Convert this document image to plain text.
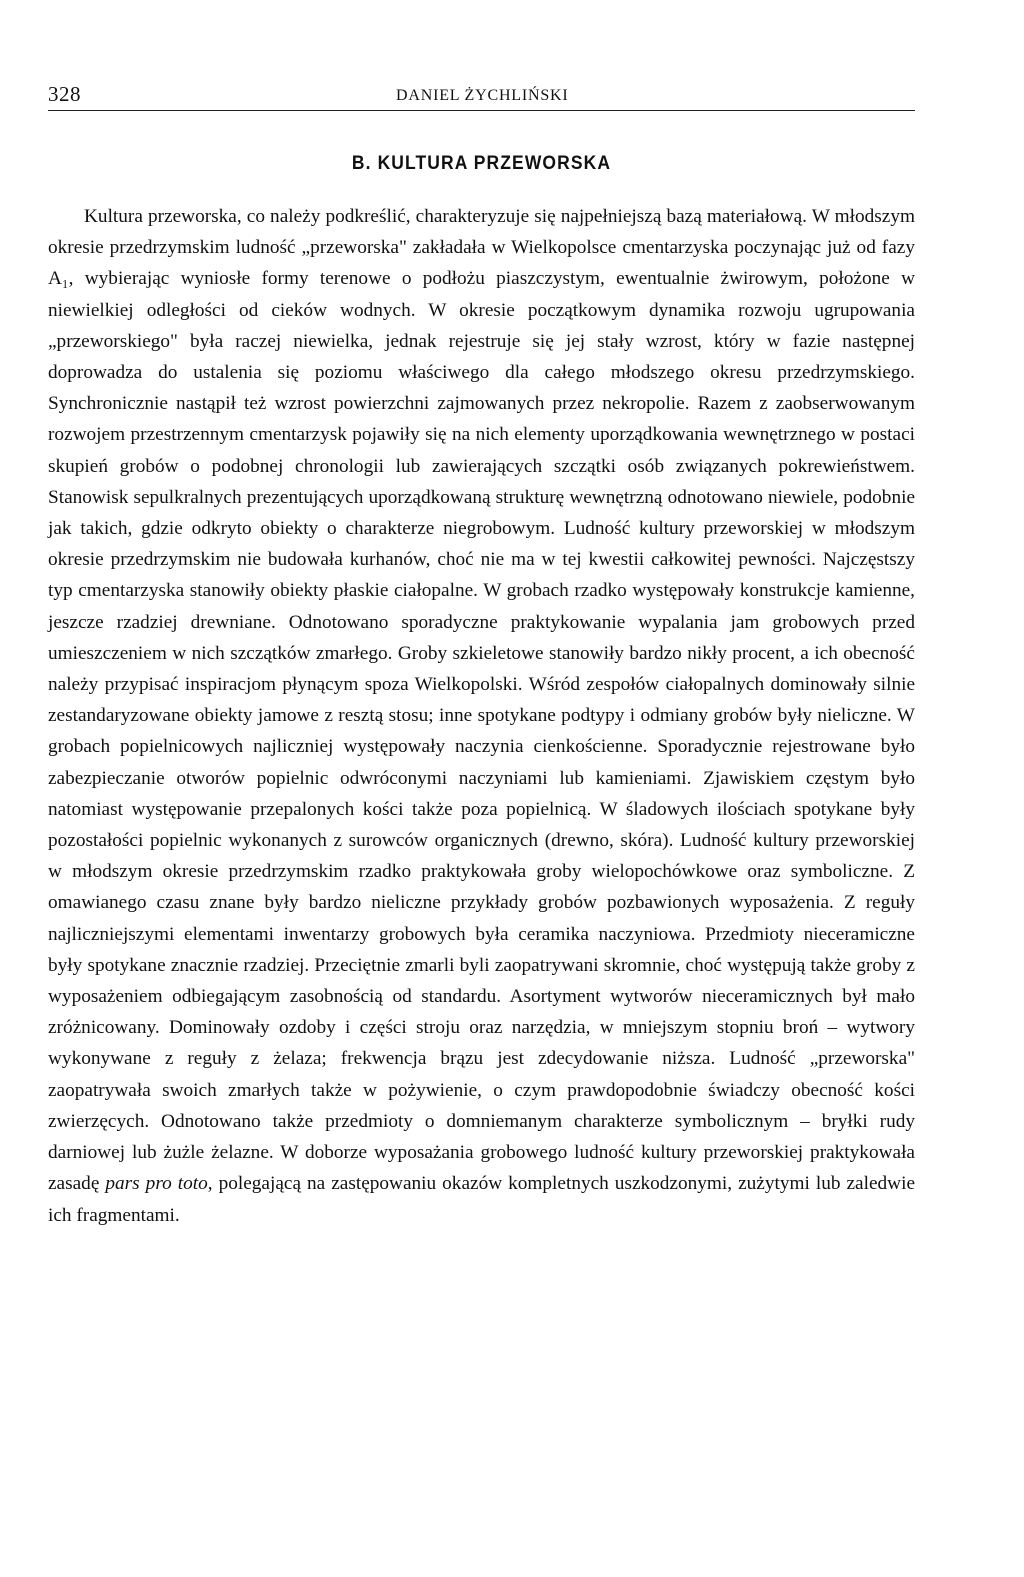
328	DANIEL ŻYCHLIŃSKI
B. KULTURA PRZEWORSKA

Kultura przeworska, co należy podkreślić, charakteryzuje się najpełniejszą bazą materiałową. W młodszym okresie przedrzymskim ludność „przeworska" zakładała w Wielkopolsce cmentarzyska poczynając już od fazy A₁, wybierając wyniosłe formy terenowe o podłożu piaszczystym, ewentualnie żwirowym, położone w niewielkiej odległości od cieków wodnych. W okresie początkowym dynamika rozwoju ugrupowania „przeworskiego" była raczej niewielka, jednak rejestruje się jej stały wzrost, który w fazie następnej doprowadza do ustalenia się poziomu właściwego dla całego młodszego okresu przedrzymskiego. Synchronicznie nastąpił też wzrost powierzchni zajmowanych przez nekropolie. Razem z zaobserwowanym rozwojem przestrzennym cmentarzysk pojawiły się na nich elementy uporządkowania wewnętrznego w postaci skupień grobów o podobnej chronologii lub zawierających szczątki osób związanych pokrewieństwem. Stanowisk sepulkralnych prezentujących uporządkowaną strukturę wewnętrzną odnotowano niewiele, podobnie jak takich, gdzie odkryto obiekty o charakterze niegrobowym. Ludność kultury przeworskiej w młodszym okresie przedrzymskim nie budowała kurhanów, choć nie ma w tej kwestii całkowitej pewności. Najczęstszy typ cmentarzyska stanowiły obiekty płaskie ciałopalne. W grobach rzadko występowały konstrukcje kamienne, jeszcze rzadziej drewniane. Odnotowano sporadyczne praktykowanie wypalania jam grobowych przed umieszczeniem w nich szczątków zmarłego. Groby szkieletowe stanowiły bardzo nikły procent, a ich obecność należy przypisać inspiracjom płynącym spoza Wielkopolski. Wśród zespołów ciałopalnych dominowały silnie zestandaryzowane obiekty jamowe z resztą stosu; inne spotykane podtypy i odmiany grobów były nieliczne. W grobach popielnicowych najliczniej występowały naczynia cienkościenne. Sporadycznie rejestrowane było zabezpieczanie otworów popielnic odwróconymi naczyniami lub kamieniami. Zjawiskiem częstym było natomiast występowanie przepalonych kości także poza popielnicą. W śladowych ilościach spotykane były pozostałości popielnic wykonanych z surowców organicznych (drewno, skóra). Ludność kultury przeworskiej w młodszym okresie przedrzymskim rzadko praktykowała groby wielopochówkowe oraz symboliczne. Z omawianego czasu znane były bardzo nieliczne przykłady grobów pozbawionych wyposażenia. Z reguły najliczniejszymi elementami inwentarzy grobowych była ceramika naczyniowa. Przedmioty nieceramiczne były spotykane znacznie rzadziej. Przeciętnie zmarli byli zaopatrywani skromnie, choć występują także groby z wyposażeniem odbiegającym zasobnością od standardu. Asortyment wytworów nieceramicznych był mało zróżnicowany. Dominowały ozdoby i części stroju oraz narzędzia, w mniejszym stopniu broń – wytwory wykonywane z reguły z żelaza; frekwencja brązu jest zdecydowanie niższa. Ludność „przeworska" zaopatrywała swoich zmarłych także w pożywienie, o czym prawdopodobnie świadczy obecność kości zwierzęcych. Odnotowano także przedmioty o domniemanym charakterze symbolicznym – bryłki rudy darniowej lub żużle żelazne. W doborze wyposażania grobowego ludność kultury przeworskiej praktykowała zasadę pars pro toto, polegającą na zastępowaniu okazów kompletnych uszkodzonymi, zużytymi lub zaledwie ich fragmentami.
